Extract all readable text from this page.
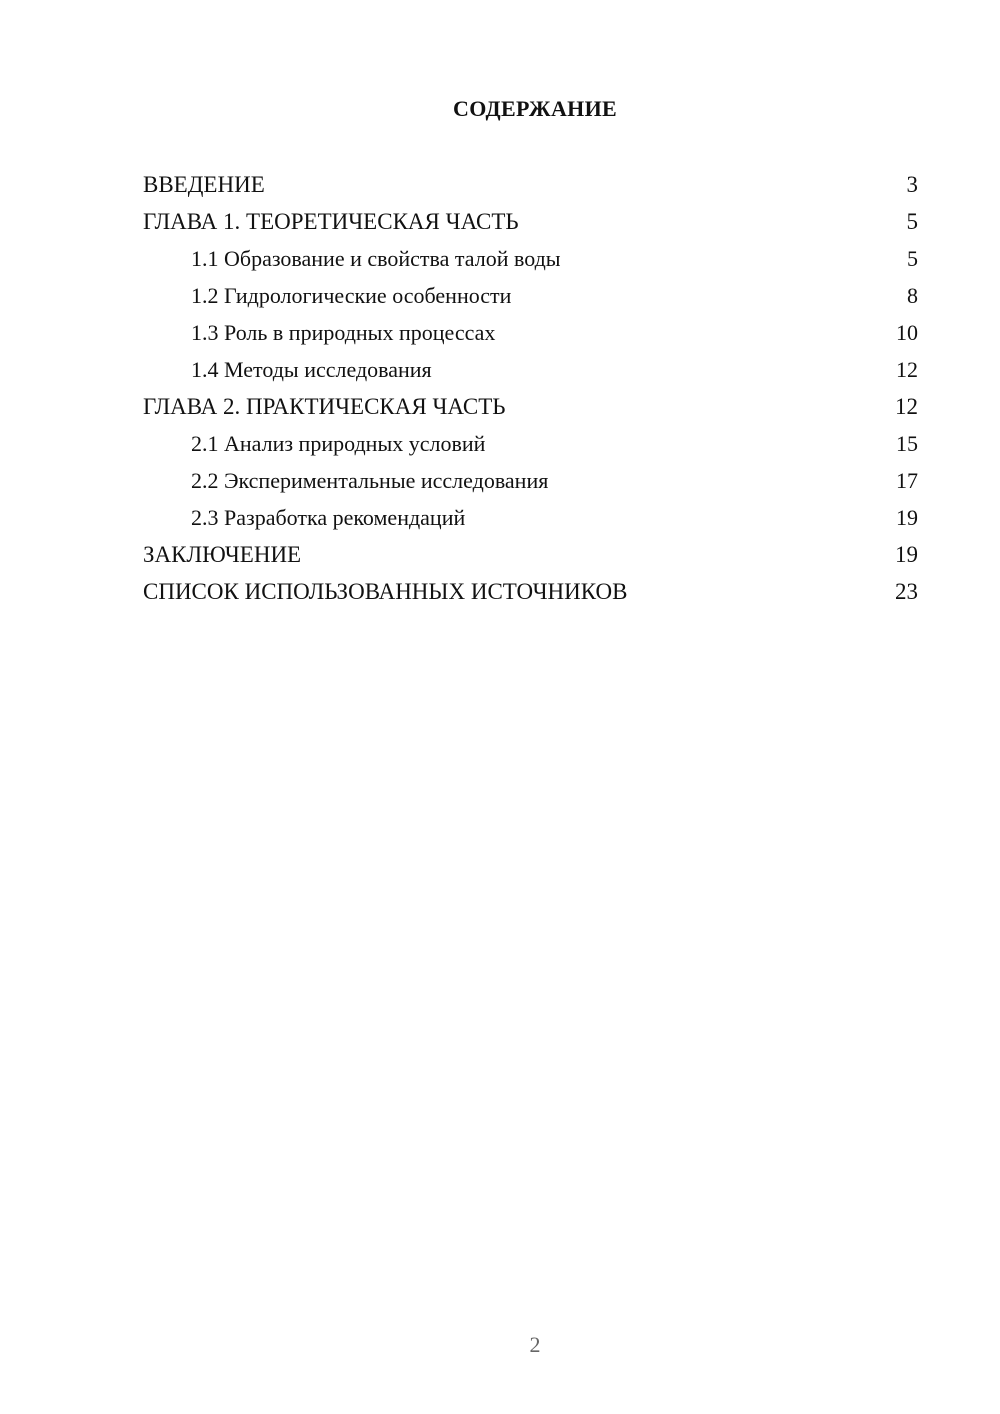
СОДЕРЖАНИЕ
ВВЕДЕНИЕ	3
ГЛАВА 1. ТЕОРЕТИЧЕСКАЯ ЧАСТЬ	5
1.1 Образование и свойства талой воды	5
1.2 Гидрологические особенности	8
1.3 Роль в природных процессах	10
1.4 Методы исследования	12
ГЛАВА 2. ПРАКТИЧЕСКАЯ ЧАСТЬ	12
2.1 Анализ природных условий	15
2.2 Экспериментальные исследования	17
2.3 Разработка рекомендаций	19
ЗАКЛЮЧЕНИЕ	19
СПИСОК ИСПОЛЬЗОВАННЫХ ИСТОЧНИКОВ	23
2
